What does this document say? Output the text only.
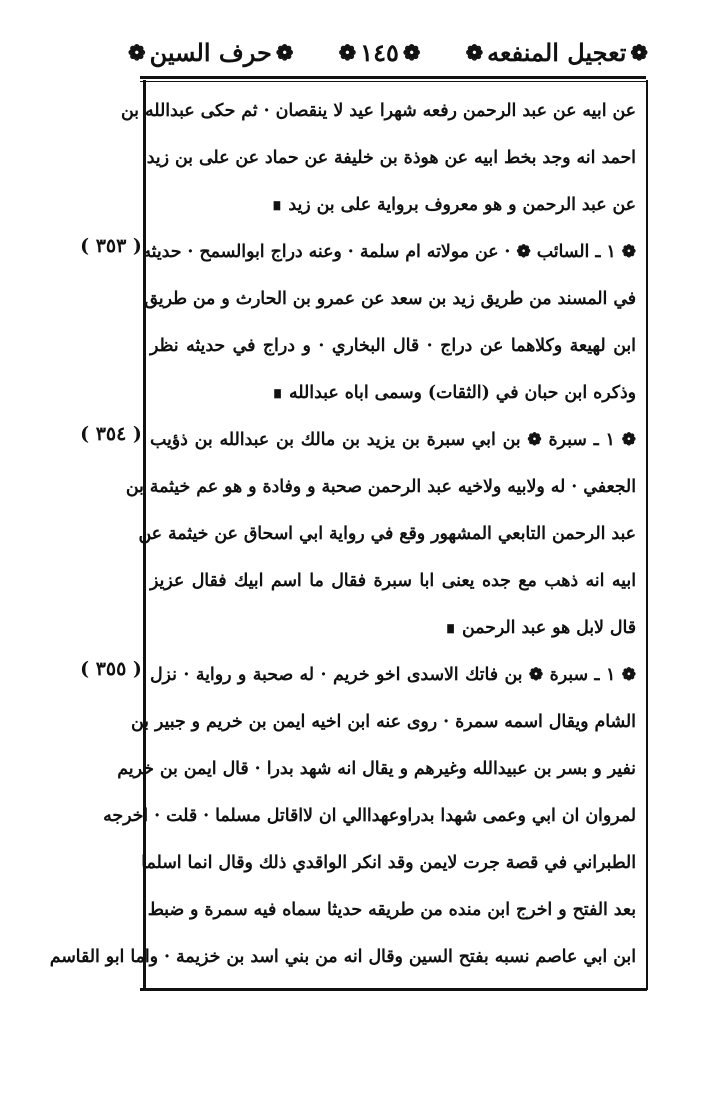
❁
تعجيل المنفعه
❁
❁
١٤٥
❁
❁
حرف السين
❁
عن ابيه عن عبد الرحمن رفعه شهرا عيد لا ينقصان · ثم حكى عبدالله بن
احمد انه وجد بخط ابيه عن هوذة بن خليفة عن حماد عن على بن زيد
عن عبد الرحمن و هو معروف برواية على بن زيد ∎
( ٣٥٣ )	❁ ١ ـ السائب ❁ · عن مولاته ام سلمة · وعنه دراج ابوالسمح · حديثه
في المسند من طريق زيد بن سعد عن عمرو بن الحارث و من طريق
ابن لهيعة وكلاهما عن دراج · قال البخاري · و دراج في حديثه نظر
وذكره ابن حبان في (الثقات) وسمى اباه عبدالله ∎
( ٣٥٤ )	❁ ١ ـ سبرة ❁ بن ابي سبرة بن يزيد بن مالك بن عبدالله بن ذؤيب
الجعفي · له ولابيه ولاخيه عبد الرحمن صحبة و وفادة و هو عم خيثمة بن
عبد الرحمن التابعي المشهور وقع في رواية ابي اسحاق عن خيثمة عن
ابيه انه ذهب مع جده يعنى ابا سبرة فقال ما اسم ابيك فقال عزيز
قال لابل هو عبد الرحمن ∎
( ٣٥٥ )	❁ ١ ـ سبرة ❁ بن فاتك الاسدى اخو خريم · له صحبة و رواية · نزل
الشام ويقال اسمه سمرة · روى عنه ابن اخيه ايمن بن خريم و جبير بن
نفير و بسر بن عبيدالله وغيرهم و يقال انه شهد بدرا · قال ايمن بن خريم
لمروان ان ابي وعمى شهدا بدراوعهداالي ان لااقاتل مسلما · قلت · اخرجه
الطبراني في قصة جرت لايمن وقد انكر الواقدي ذلك وقال انما اسلما
بعد الفتح و اخرج ابن منده من طريقه حديثا سماه فيه سمرة و ضبط
ابن ابي عاصم نسبه بفتح السين وقال انه من بني اسد بن خزيمة · واما ابو القاسم
